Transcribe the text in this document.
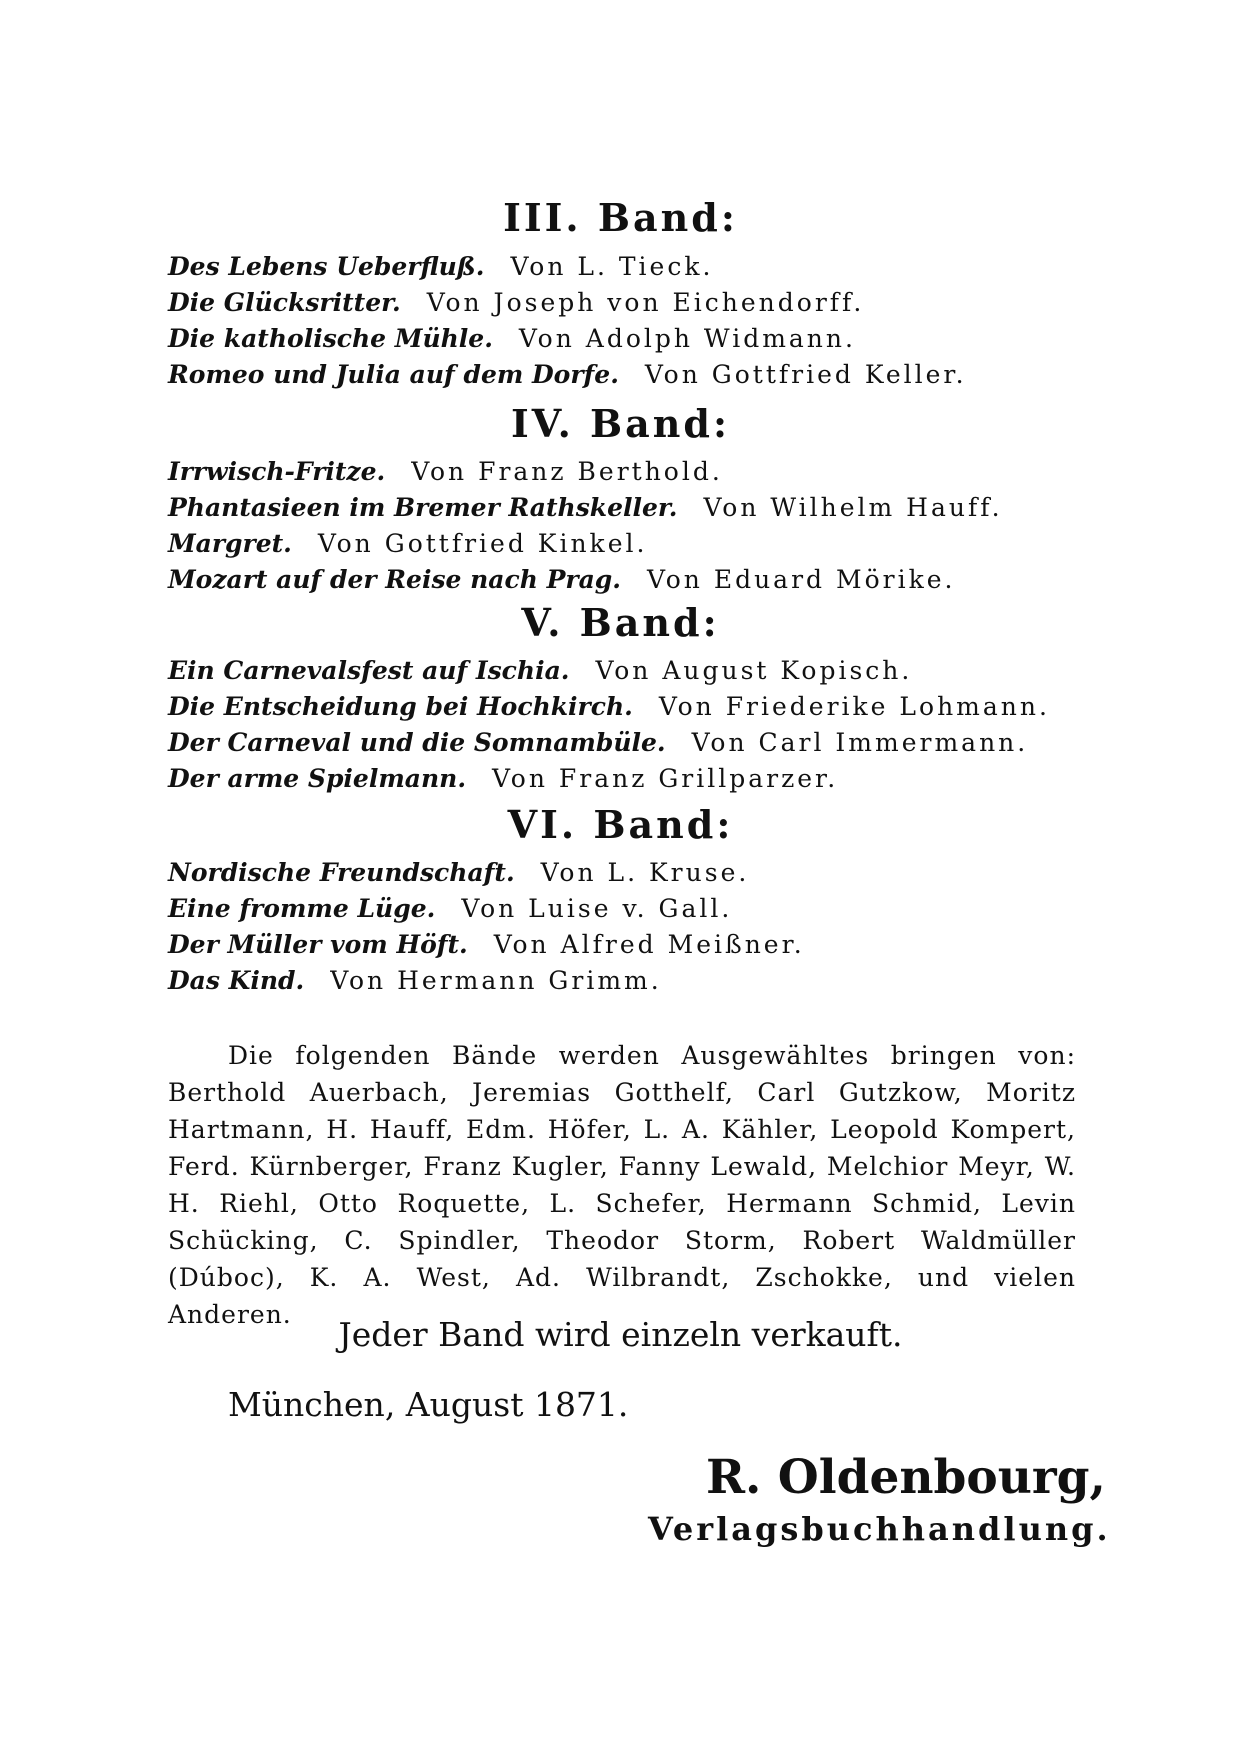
III. Band:
Des Lebens Ueberfluß. Von L. Tieck.
Die Glücksritter. Von Joseph von Eichendorff.
Die katholische Mühle. Von Adolph Widmann.
Romeo und Julia auf dem Dorfe. Von Gottfried Keller.
IV. Band:
Irrwisch-Fritze. Von Franz Berthold.
Phantasieen im Bremer Rathskeller. Von Wilhelm Hauff.
Margret. Von Gottfried Kinkel.
Mozart auf der Reise nach Prag. Von Eduard Mörike.
V. Band:
Ein Carnevalsfest auf Ischia. Von August Kopisch.
Die Entscheidung bei Hochkirch. Von Friederike Lohmann.
Der Carneval und die Somnambüle. Von Carl Immermann.
Der arme Spielmann. Von Franz Grillparzer.
VI. Band:
Nordische Freundschaft. Von L. Kruse.
Eine fromme Lüge. Von Luise v. Gall.
Der Müller vom Höft. Von Alfred Meißner.
Das Kind. Von Hermann Grimm.

Die folgenden Bände werden Ausgewähltes bringen von: Berthold Auerbach, Jeremias Gotthelf, Carl Gutzkow, Moritz Hartmann, H. Hauff, Edm. Höfer, L. A. Kähler, Leopold Kompert, Ferd. Kürnberger, Franz Kugler, Fanny Lewald, Melchior Meyr, W. H. Riehl, Otto Roquette, L. Schefer, Hermann Schmid, Levin Schücking, C. Spindler, Theodor Storm, Robert Waldmüller (Dúboc), K. A. West, Ad. Wilbrandt, Zschokke, und vielen Anderen.

Jeder Band wird einzeln verkauft.
München, August 1871.
R. Oldenbourg,
Verlagsbuchhandlung.
